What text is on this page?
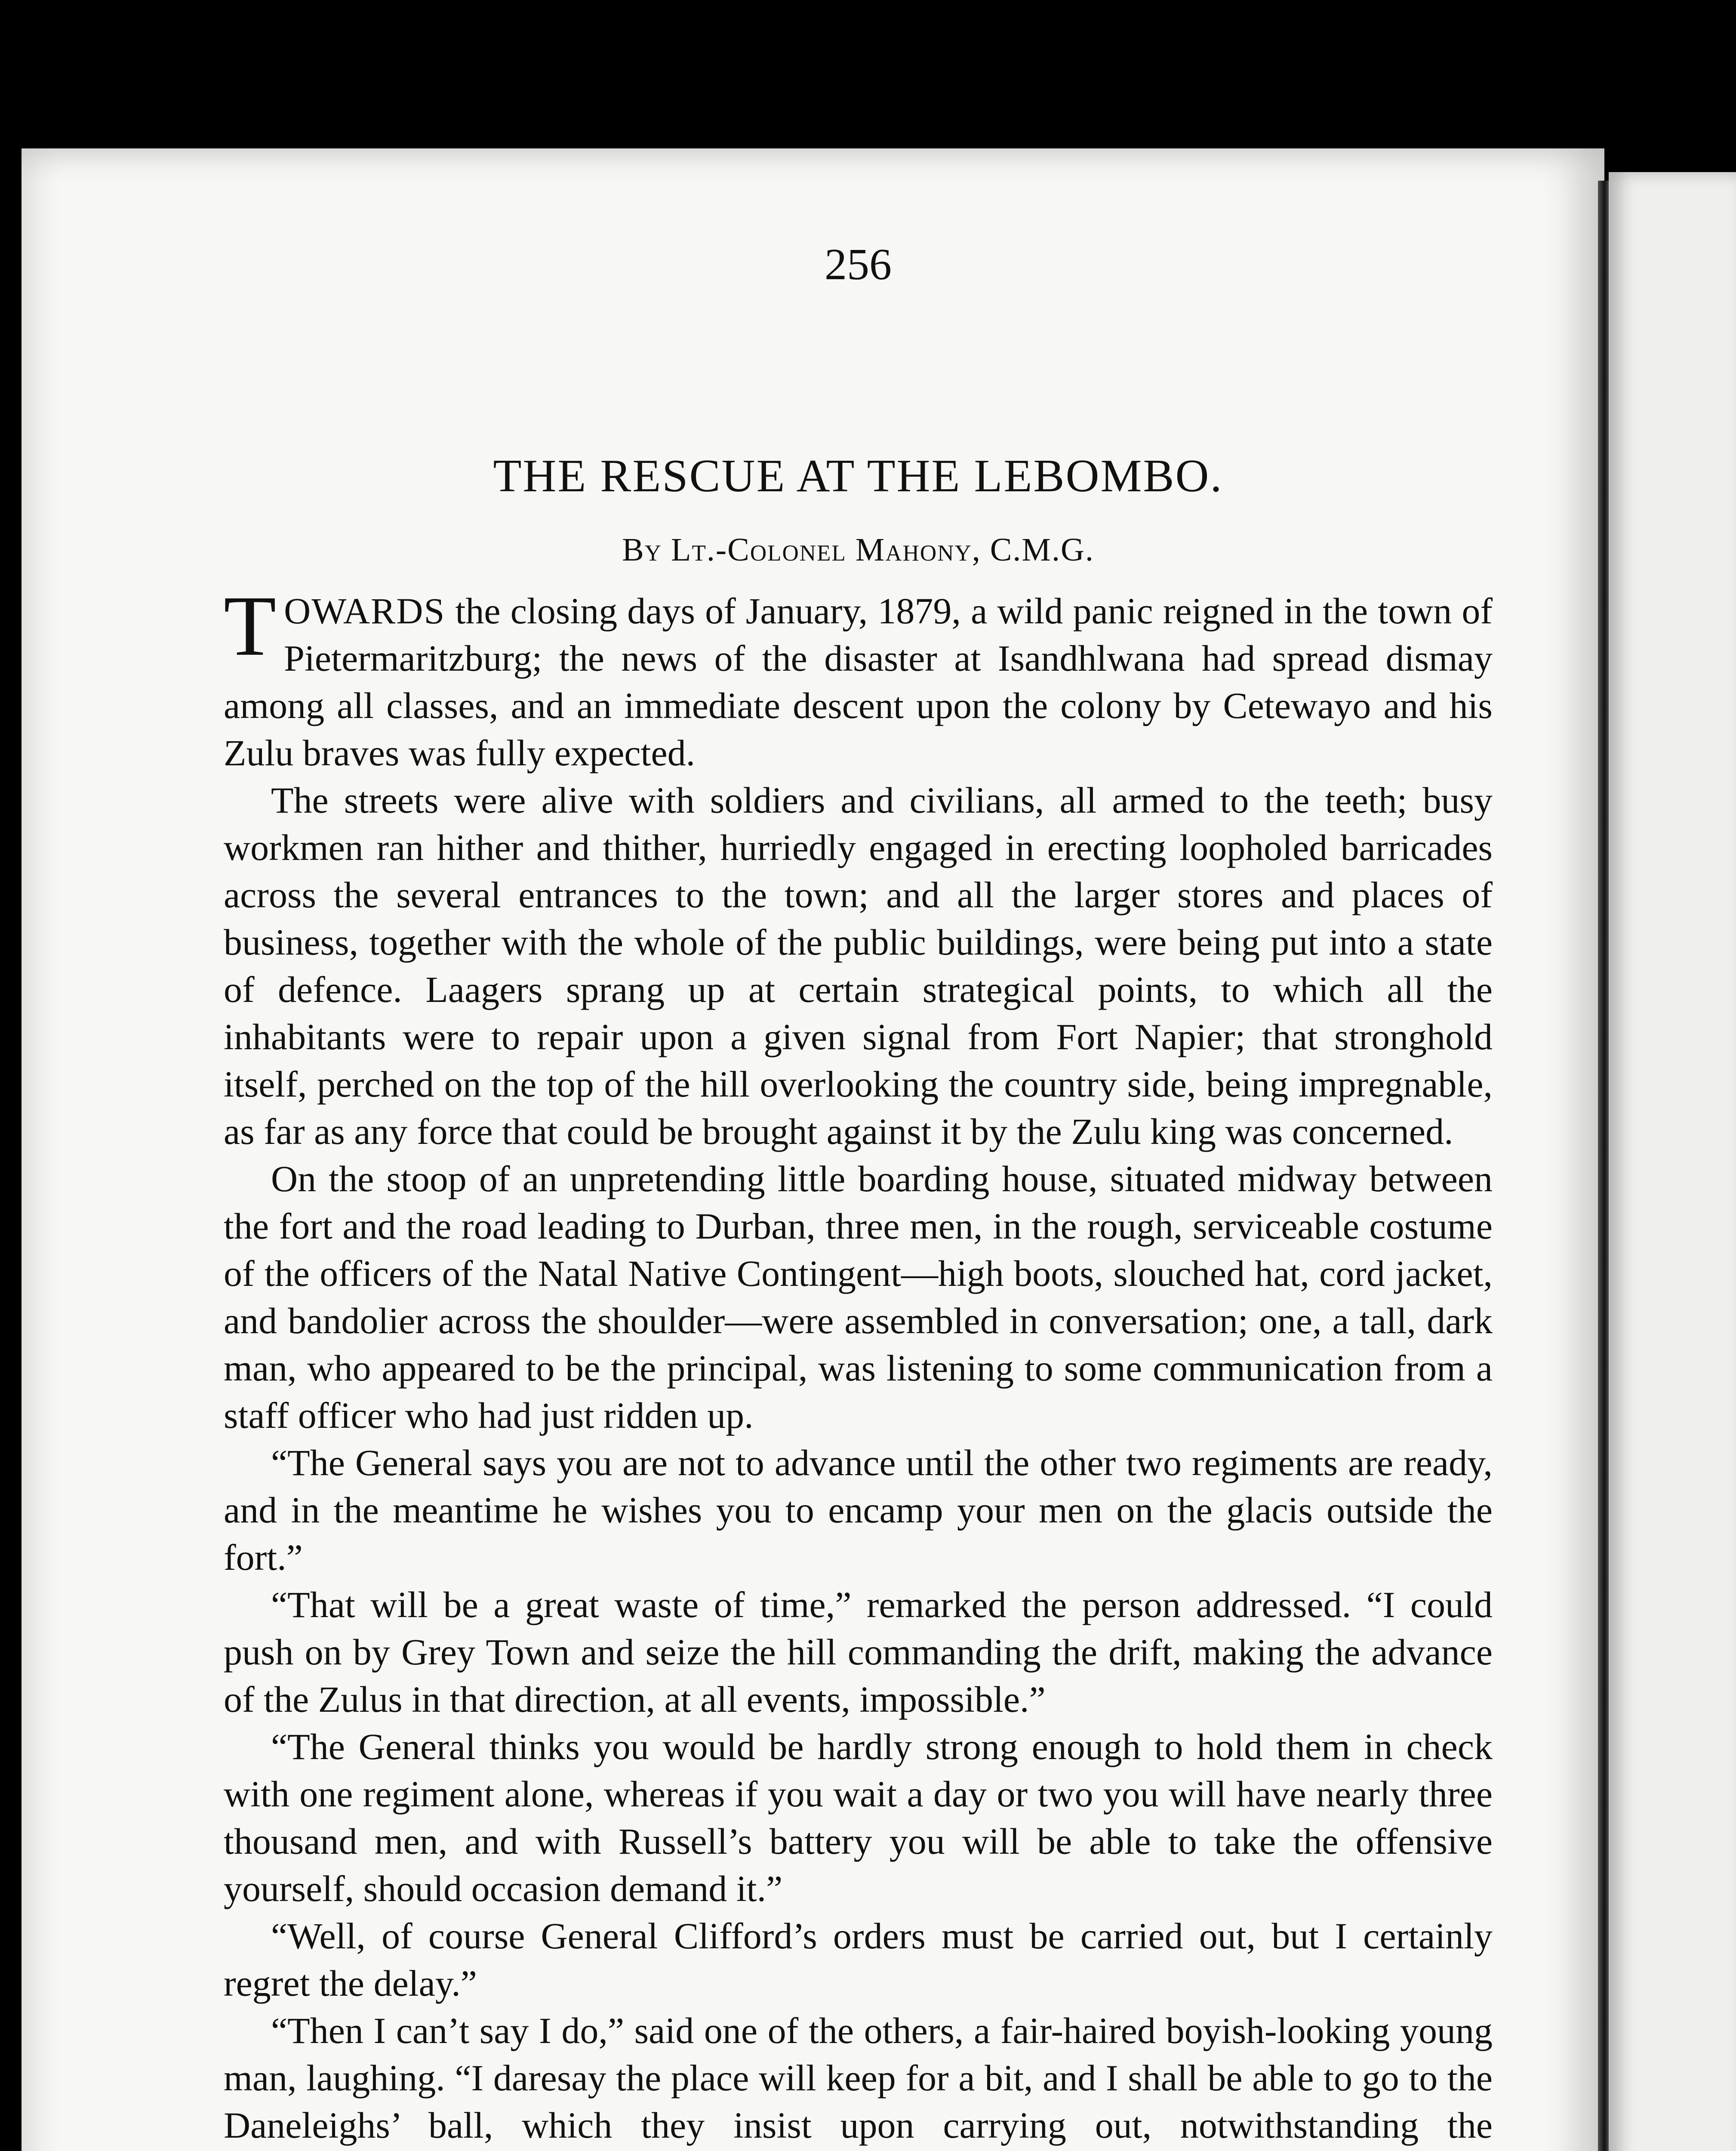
256
THE RESCUE AT THE LEBOMBO.
By Lt.-Colonel Mahony, C.M.G.

TOWARDS the closing days of January, 1879, a wild panic reigned in the town of Pietermaritzburg; the news of the disaster at Isandhlwana had spread dismay among all classes, and an immediate descent upon the colony by Cetewayo and his Zulu braves was fully expected.

The streets were alive with soldiers and civilians, all armed to the teeth; busy workmen ran hither and thither, hurriedly engaged in erecting loopholed barricades across the several entrances to the town; and all the larger stores and places of business, together with the whole of the public buildings, were being put into a state of defence. Laagers sprang up at certain strategical points, to which all the inhabitants were to repair upon a given signal from Fort Napier; that stronghold itself, perched on the top of the hill overlooking the country side, being impregnable, as far as any force that could be brought against it by the Zulu king was concerned.

On the stoop of an unpretending little boarding house, situated midway between the fort and the road leading to Durban, three men, in the rough, serviceable costume of the officers of the Natal Native Contingent—high boots, slouched hat, cord jacket, and bandolier across the shoulder—were assembled in conversation; one, a tall, dark man, who appeared to be the principal, was listening to some communication from a staff officer who had just ridden up.

“The General says you are not to advance until the other two regiments are ready, and in the meantime he wishes you to encamp your men on the glacis outside the fort.”

“That will be a great waste of time,” remarked the person addressed. “I could push on by Grey Town and seize the hill commanding the drift, making the advance of the Zulus in that direction, at all events, impossible.”

“The General thinks you would be hardly strong enough to hold them in check with one regiment alone, whereas if you wait a day or two you will have nearly three thousand men, and with Russell’s battery you will be able to take the offensive yourself, should occasion demand it.”

“Well, of course General Clifford’s orders must be carried out, but I certainly regret the delay.”

“Then I can’t say I do,” said one of the others, a fair-haired boyish-looking young man, laughing. “I daresay the place will keep for a bit, and I shall be able to go to the Daneleighs’ ball, which they insist upon carrying out, notwithstanding the
